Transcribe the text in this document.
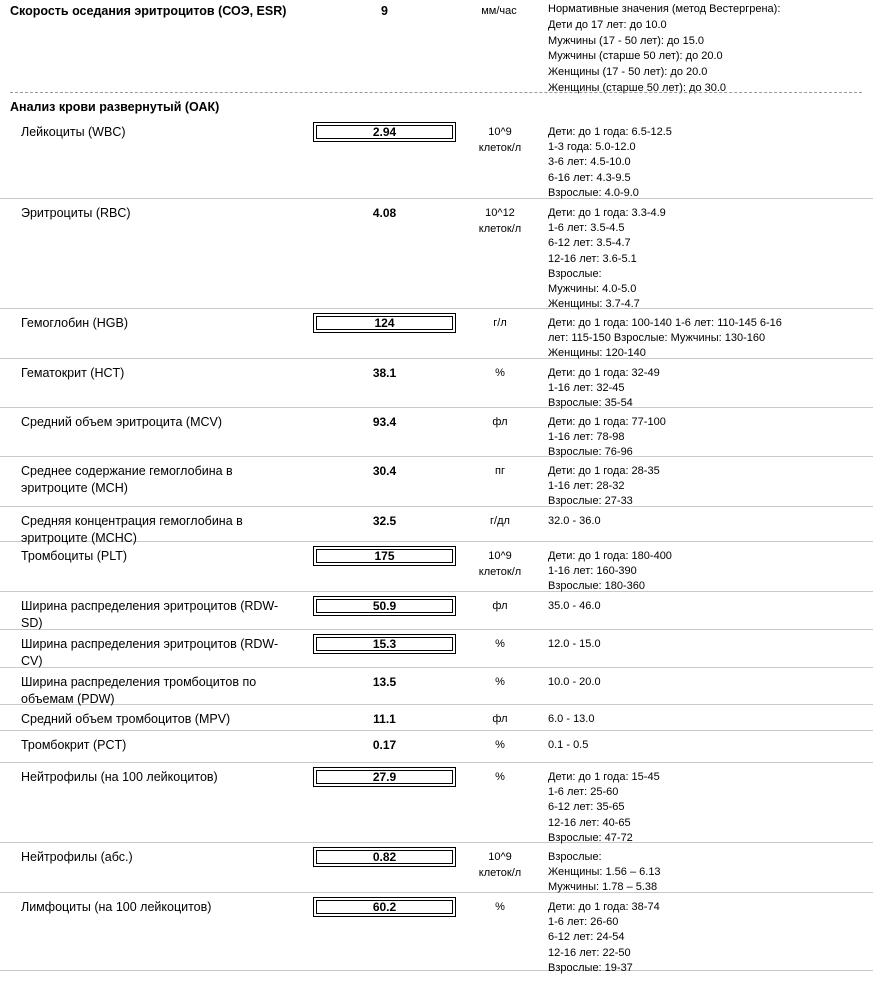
Скорость оседания эритроцитов (СОЭ, ESR)	9	мм/час	Нормативные значения (метод Вестергрена):
Дети до 17 лет: до 10.0
Мужчины (17 - 50 лет): до 15.0
Мужчины (старше 50 лет): до 20.0
Женщины (17 - 50 лет): до 20.0
Женщины (старше 50 лет): до 30.0
Анализ крови развернутый (ОАК)
Лейкоциты (WBC)	2.94	10^9
клеток/л
Дети: до 1 года: 6.5-12.5
1-3 года: 5.0-12.0
3-6 лет: 4.5-10.0
6-16 лет: 4.3-9.5
Взрослые: 4.0-9.0
Эритроциты (RBC)	4.08	10^12
клеток/л
Дети: до 1 года: 3.3-4.9
1-6 лет: 3.5-4.5
6-12 лет: 3.5-4.7
12-16 лет: 3.6-5.1
Взрослые:
Мужчины: 4.0-5.0
Женщины: 3.7-4.7
Гемоглобин (HGB)	124	г/л	Дети: до 1 года: 100-140 1-6 лет: 110-145 6-16
лет: 115-150 Взрослые: Мужчины: 130-160
Женщины: 120-140
Гематокрит (HCT)	38.1	%	Дети: до 1 года: 32-49
1-16 лет: 32-45
Взрослые: 35-54
Средний объем эритроцита (MCV)	93.4	фл	Дети: до 1 года: 77-100
1-16 лет: 78-98
Взрослые: 76-96
Среднее содержание гемоглобина в эритроците (MCH)
30.4	пг	Дети: до 1 года: 28-35
1-16 лет: 28-32
Взрослые: 27-33
Средняя концентрация гемоглобина в эритроците (MCHC)
32.5	г/дл	32.0 - 36.0
Тромбоциты (PLT)	175	10^9
клеток/л
Дети: до 1 года: 180-400
1-16 лет: 160-390
Взрослые: 180-360
Ширина распределения эритроцитов (RDW-SD)
50.9	фл	35.0 - 46.0
Ширина распределения эритроцитов (RDW-CV)
15.3	%	12.0 - 15.0
Ширина распределения тромбоцитов по объемам (PDW)
13.5	%	10.0 - 20.0
Средний объем тромбоцитов (MPV)	11.1	фл	6.0 - 13.0
Тромбокрит (PCT)	0.17	%	0.1 - 0.5
Нейтрофилы (на 100 лейкоцитов)	27.9	%	Дети: до 1 года: 15-45
1-6 лет: 25-60
6-12 лет: 35-65
12-16 лет: 40-65
Взрослые: 47-72
Нейтрофилы (абс.)	0.82	10^9
клеток/л
Взрослые:
Женщины: 1.56 – 6.13
Мужчины: 1.78 – 5.38
Лимфоциты (на 100 лейкоцитов)	60.2	%	Дети: до 1 года: 38-74
1-6 лет: 26-60
6-12 лет: 24-54
12-16 лет: 22-50
Взрослые: 19-37
